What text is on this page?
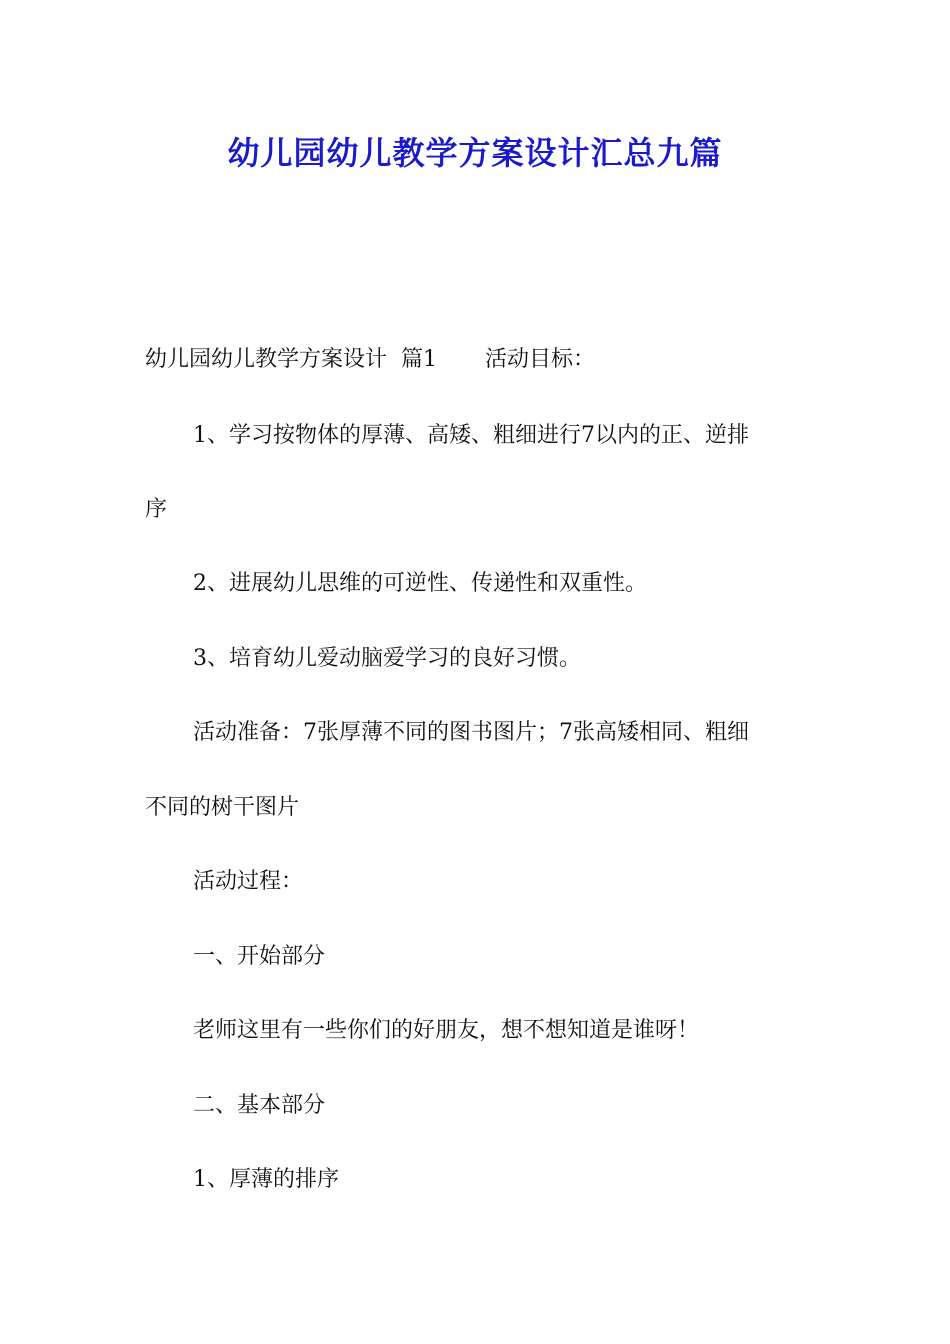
幼儿园幼儿教学方案设计汇总九篇

幼儿园幼儿教学方案设计  篇1 活动目标：

1、学习按物体的厚薄、高矮、粗细进行7以内的正、逆排

序

2、进展幼儿思维的可逆性、传递性和双重性。

3、培育幼儿爱动脑爱学习的良好习惯。

活动准备：7张厚薄不同的图书图片；7张高矮相同、粗细

不同的树干图片

活动过程：

一、开始部分

老师这里有一些你们的好朋友，想不想知道是谁呀！

二、基本部分

1、厚薄的排序
